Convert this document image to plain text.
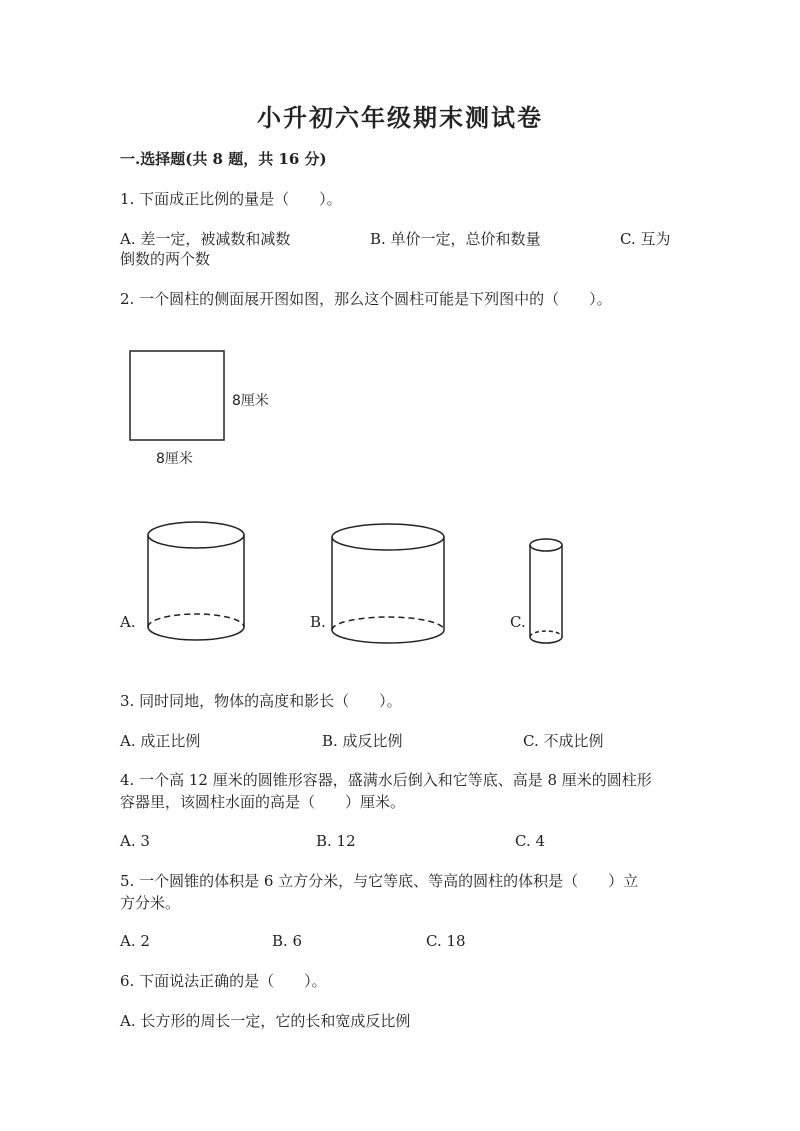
小升初六年级期末测试卷
一.选择题(共 8 题，共 16 分)
1. 下面成正比例的量是（　　）。
A. 差一定，被减数和减数	B. 单价一定，总价和数量	C. 互为
倒数的两个数
2. 一个圆柱的侧面展开图如图，那么这个圆柱可能是下列图中的（　　）。
8厘米
8厘米
A.	B.	C.
3. 同时同地，物体的高度和影长（　　）。
A. 成正比例	B. 成反比例	C. 不成比例
4. 一个高 12 厘米的圆锥形容器，盛满水后倒入和它等底、高是 8 厘米的圆柱形
容器里，该圆柱水面的高是（　　）厘米。
A. 3	B. 12	C. 4
5. 一个圆锥的体积是 6 立方分米，与它等底、等高的圆柱的体积是（　　）立
方分米。
A. 2	B. 6	C. 18
6. 下面说法正确的是（　　）。
A. 长方形的周长一定，它的长和宽成反比例
